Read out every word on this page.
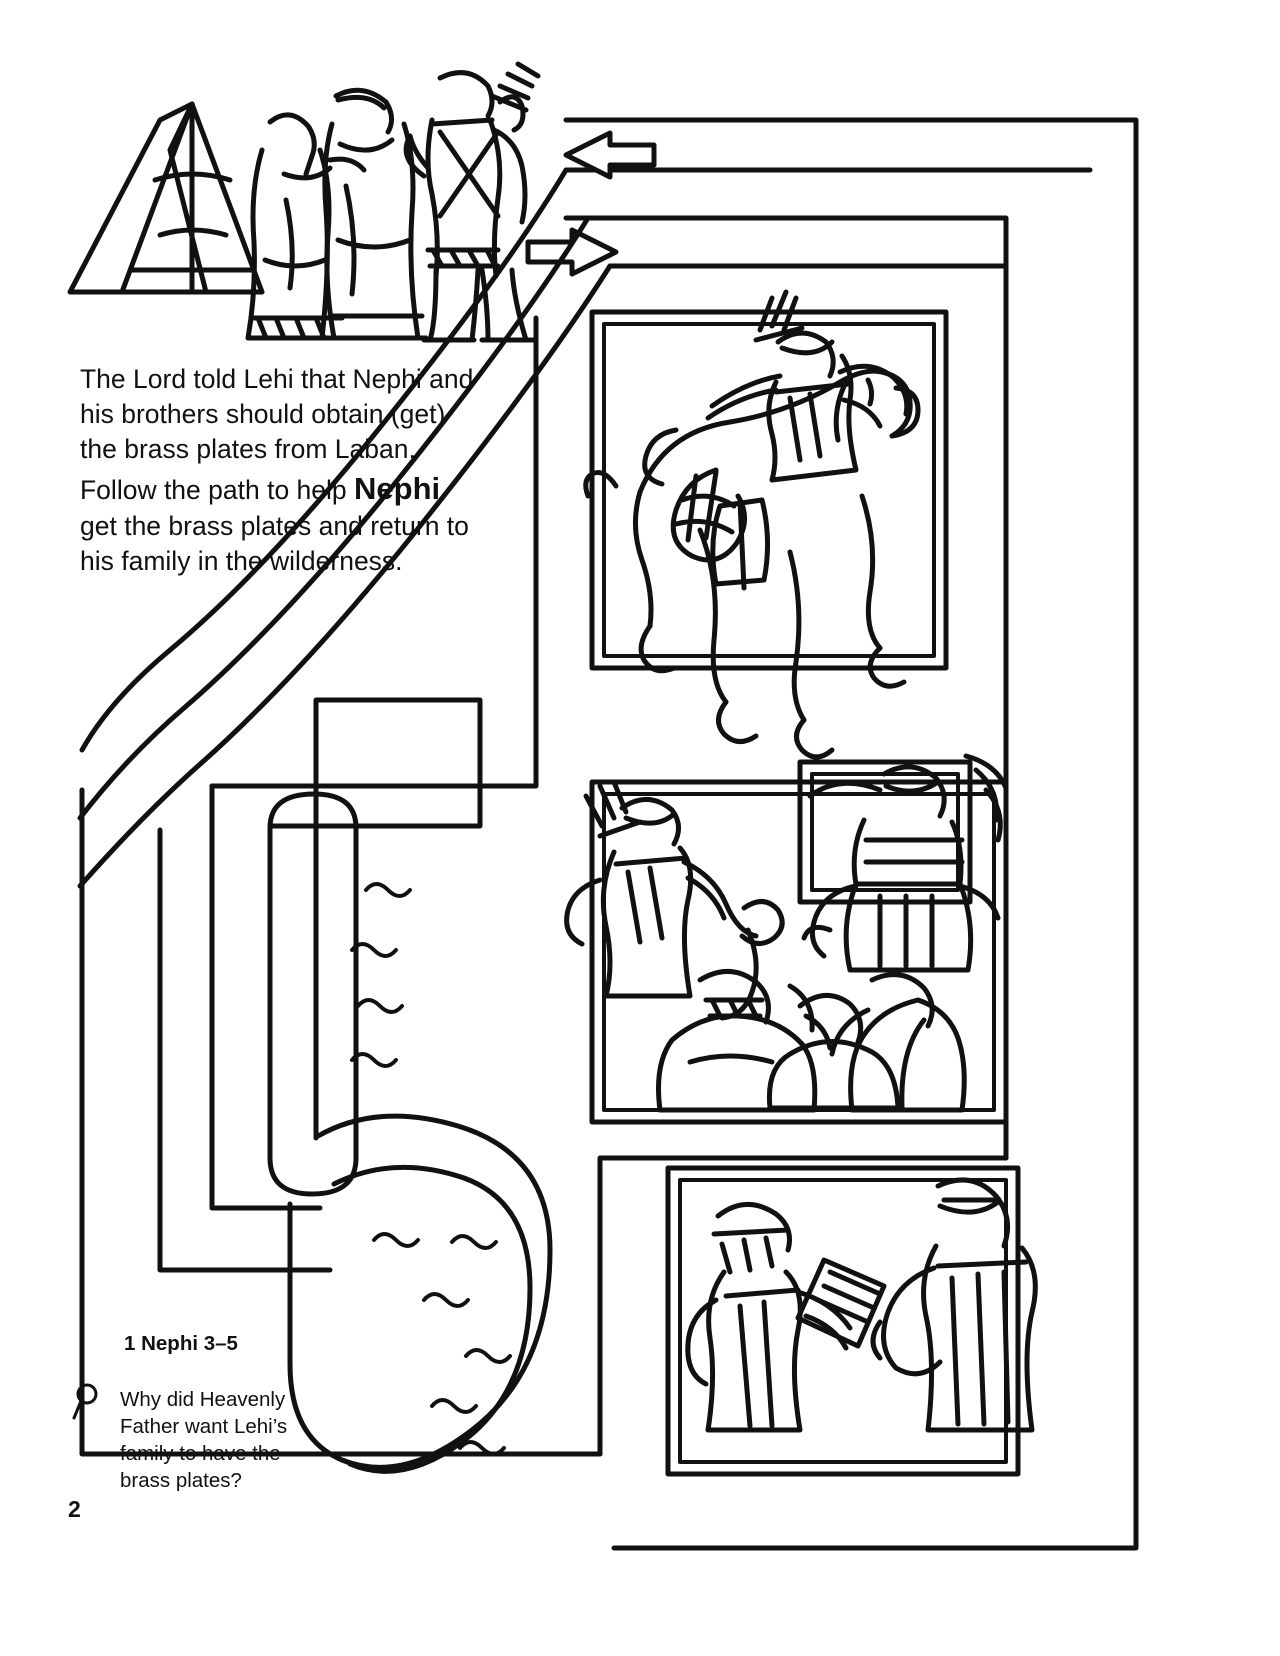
The Lord told Lehi that Nephi and his brothers should obtain (get) the brass plates from Laban. Follow the path to help Nephi get the brass plates and return to his family in the wilderness.
1 Nephi 3–5
Why did Heavenly Father want Lehi’s family to have the brass plates?
2
